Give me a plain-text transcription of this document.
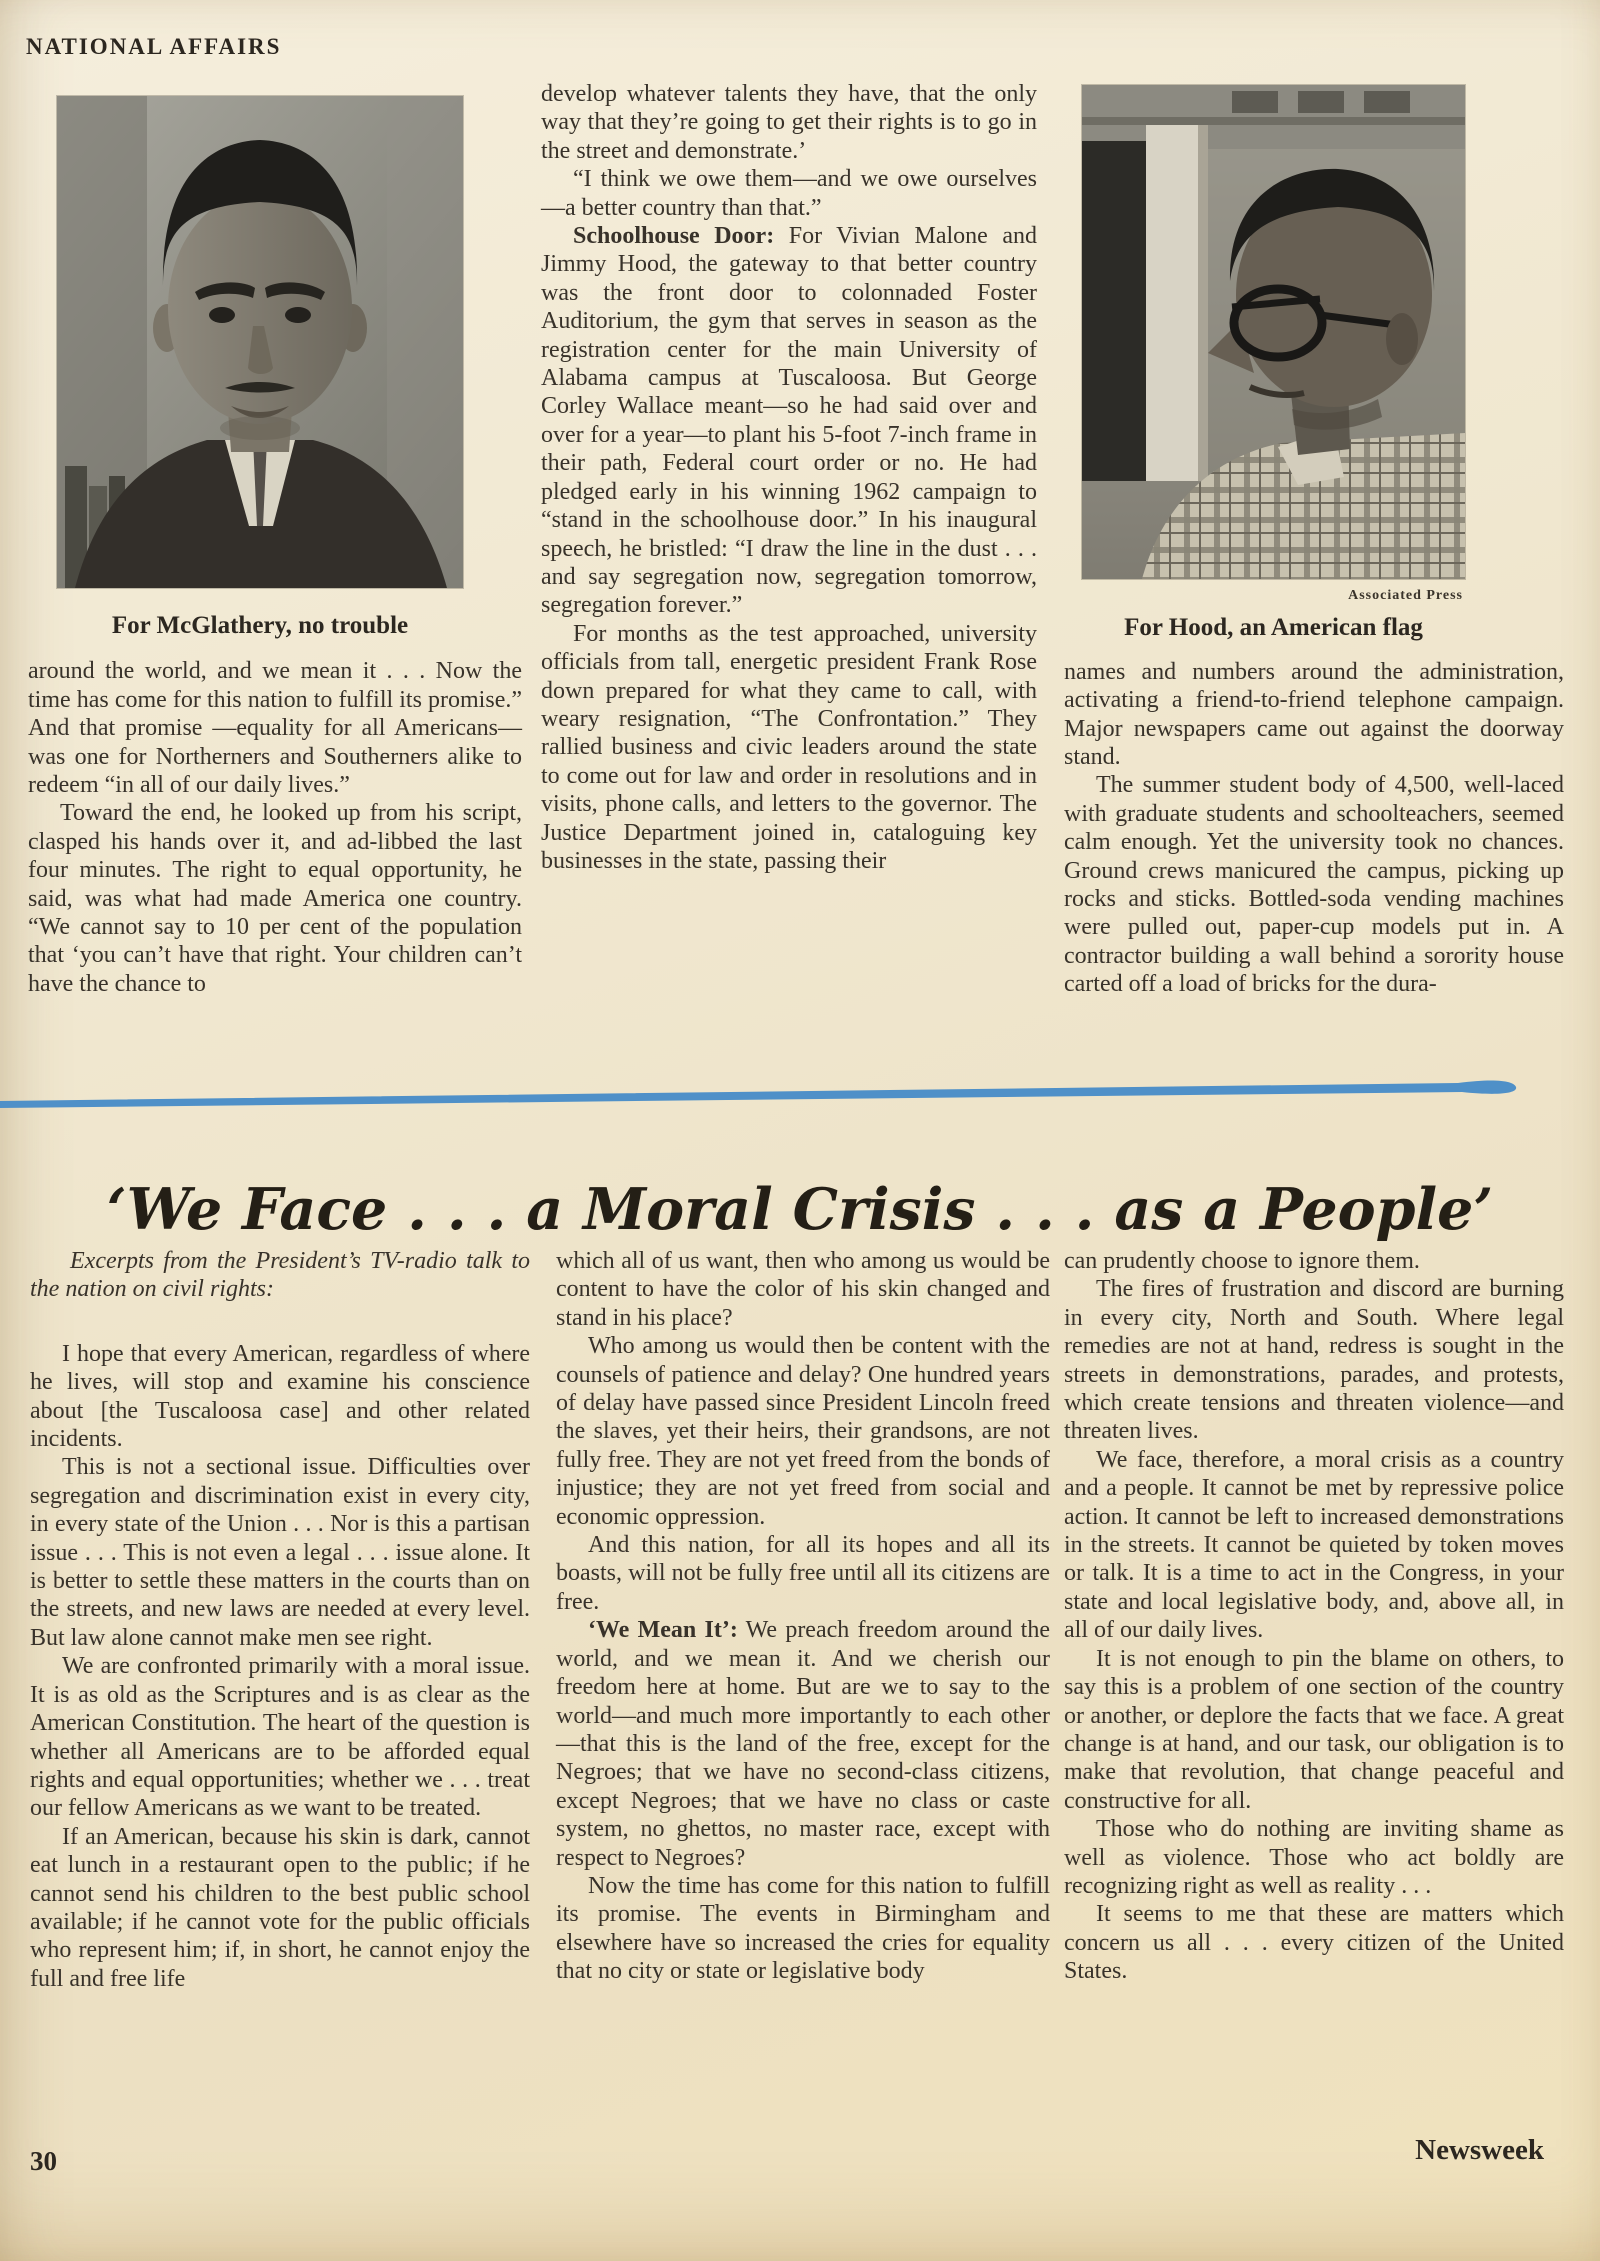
NATIONAL AFFAIRS
For McGlathery, no trouble

around the world, and we mean it . . . Now the time has come for this nation to fulfill its promise.” And that promise —equality for all Americans—was one for Northerners and Southerners alike to redeem “in all of our daily lives.”

Toward the end, he looked up from his script, clasped his hands over it, and ad-libbed the last four minutes. The right to equal opportunity, he said, was what had made America one country. “We cannot say to 10 per cent of the population that ‘you can’t have that right. Your children can’t have the chance to

develop whatever talents they have, that the only way that they’re going to get their rights is to go in the street and demonstrate.’

“I think we owe them—and we owe ourselves—a better country than that.”

Schoolhouse Door: For Vivian Malone and Jimmy Hood, the gateway to that better country was the front door to colonnaded Foster Auditorium, the gym that serves in season as the registration center for the main University of Alabama campus at Tuscaloosa. But George Corley Wallace meant—so he had said over and over for a year—to plant his 5-foot 7-inch frame in their path, Federal court order or no. He had pledged early in his winning 1962 campaign to “stand in the schoolhouse door.” In his inaugural speech, he bristled: “I draw the line in the dust . . . and say segregation now, segregation tomorrow, segregation forever.”

For months as the test approached, university officials from tall, energetic president Frank Rose down prepared for what they came to call, with weary resignation, “The Confrontation.” They rallied business and civic leaders around the state to come out for law and order in resolutions and in visits, phone calls, and letters to the governor. The Justice Department joined in, cataloguing key businesses in the state, passing their

Associated Press
For Hood, an American flag

names and numbers around the administration, activating a friend-to-friend telephone campaign. Major newspapers came out against the doorway stand.

The summer student body of 4,500, well-laced with graduate students and schoolteachers, seemed calm enough. Yet the university took no chances. Ground crews manicured the campus, picking up rocks and sticks. Bottled-soda vending machines were pulled out, paper-cup models put in. A contractor building a wall behind a sorority house carted off a load of bricks for the dura-

‘We Face . . . a Moral Crisis . . . as a People’

Excerpts from the President’s TV-radio talk to the nation on civil rights:

I hope that every American, regardless of where he lives, will stop and examine his conscience about [the Tuscaloosa case] and other related incidents.

This is not a sectional issue. Difficulties over segregation and discrimination exist in every city, in every state of the Union . . . Nor is this a partisan issue . . . This is not even a legal . . . issue alone. It is better to settle these matters in the courts than on the streets, and new laws are needed at every level. But law alone cannot make men see right.

We are confronted primarily with a moral issue. It is as old as the Scriptures and is as clear as the American Constitution. The heart of the question is whether all Americans are to be afforded equal rights and equal opportunities; whether we . . . treat our fellow Americans as we want to be treated.

If an American, because his skin is dark, cannot eat lunch in a restaurant open to the public; if he cannot send his children to the best public school available; if he cannot vote for the public officials who represent him; if, in short, he cannot enjoy the full and free life

which all of us want, then who among us would be content to have the color of his skin changed and stand in his place?

Who among us would then be content with the counsels of patience and delay? One hundred years of delay have passed since President Lincoln freed the slaves, yet their heirs, their grandsons, are not fully free. They are not yet freed from the bonds of injustice; they are not yet freed from social and economic oppression.

And this nation, for all its hopes and all its boasts, will not be fully free until all its citizens are free.

‘We Mean It’: We preach freedom around the world, and we mean it. And we cherish our freedom here at home. But are we to say to the world—and much more importantly to each other—that this is the land of the free, except for the Negroes; that we have no second-class citizens, except Negroes; that we have no class or caste system, no ghettos, no master race, except with respect to Negroes?

Now the time has come for this nation to fulfill its promise. The events in Birmingham and elsewhere have so increased the cries for equality that no city or state or legislative body

can prudently choose to ignore them.

The fires of frustration and discord are burning in every city, North and South. Where legal remedies are not at hand, redress is sought in the streets in demonstrations, parades, and protests, which create tensions and threaten violence—and threaten lives.

We face, therefore, a moral crisis as a country and a people. It cannot be met by repressive police action. It cannot be left to increased demonstrations in the streets. It cannot be quieted by token moves or talk. It is a time to act in the Congress, in your state and local legislative body, and, above all, in all of our daily lives.

It is not enough to pin the blame on others, to say this is a problem of one section of the country or another, or deplore the facts that we face. A great change is at hand, and our task, our obligation is to make that revolution, that change peaceful and constructive for all.

Those who do nothing are inviting shame as well as violence. Those who act boldly are recognizing right as well as reality . . .

It seems to me that these are matters which concern us all . . . every citizen of the United States.

30	Newsweek
